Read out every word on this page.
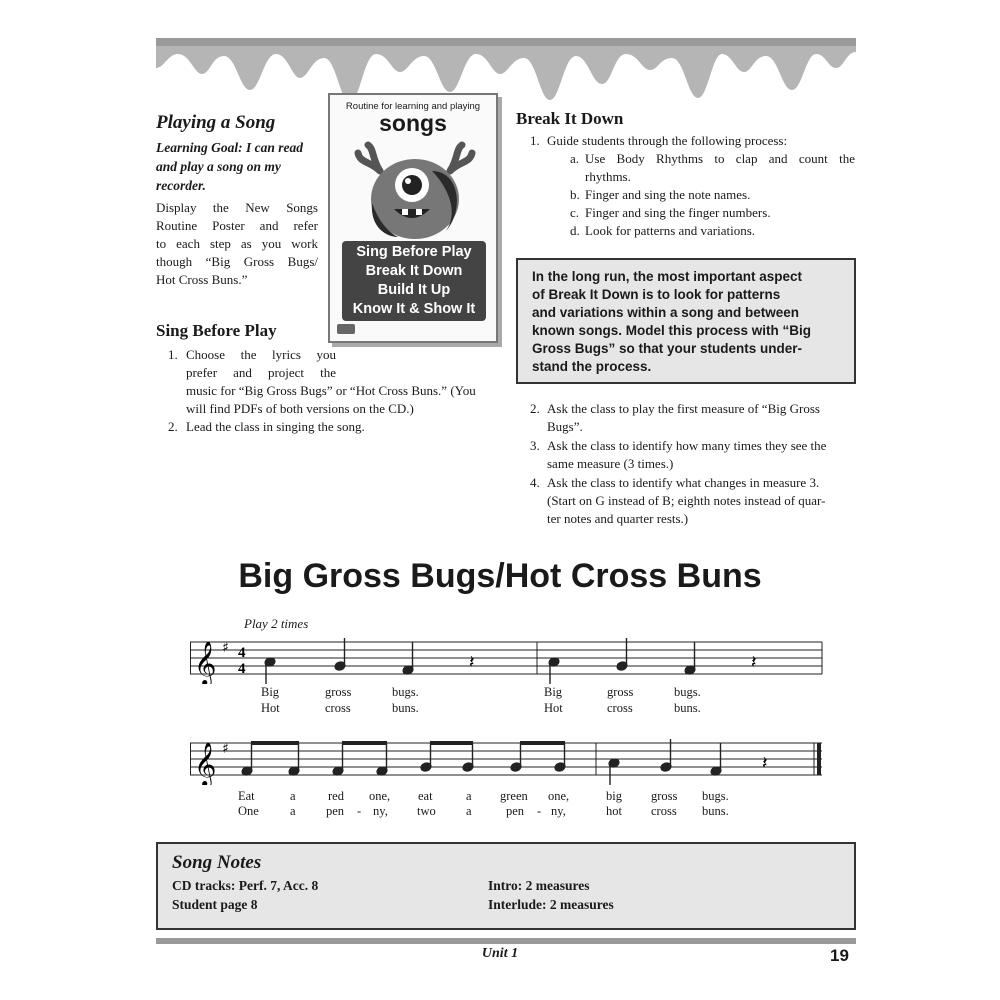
Playing a Song
Learning Goal: I can read
and play a song on my
recorder.
Display the New Songs
Routine Poster and refer
to each step as you work
though “Big Gross Bugs/
Hot Cross Buns.”
Routine for learning and playing
songs
Sing Before Play
Break It Down
Build It Up
Know It & Show It
Sing Before Play
1. Choose the lyrics you
prefer and project the
music for “Big Gross Bugs” or “Hot Cross Buns.” (You
will find PDFs of both versions on the CD.)
2. Lead the class in singing the song.
Break It Down
1. Guide students through the following process:
a. Use Body Rhythms to clap and count the
rhythms.
b. Finger and sing the note names.
c. Finger and sing the finger numbers.
d. Look for patterns and variations.
In the long run, the most important aspect
of Break It Down is to look for patterns
and variations within a song and between
known songs. Model this process with “Big
Gross Bugs” so that your students under-
stand the process.
2. Ask the class to play the first measure of “Big Gross
Bugs”.
3. Ask the class to identify how many times they see the
same measure (3 times.)
4. Ask the class to identify what changes in measure 3.
(Start on G instead of B; eighth notes instead of quar-
ter notes and quarter rests.)
Big Gross Bugs/Hot Cross Buns
Play 2 times
𝄞 ♯ 4
4	𝄽	𝄽
Big	gross	bugs.	Big	gross	bugs.
Hot	cross	buns.	Hot	cross	buns.
𝄞 ♯
𝄽
Eat	a	red one, eat	a green one,	big gross bugs.
One a pen - ny, two a	pen - ny,	hot cross buns.
Song Notes
CD tracks: Perf. 7, Acc. 8	Intro: 2 measures
Student page 8	Interlude: 2 measures
Unit 1	19
